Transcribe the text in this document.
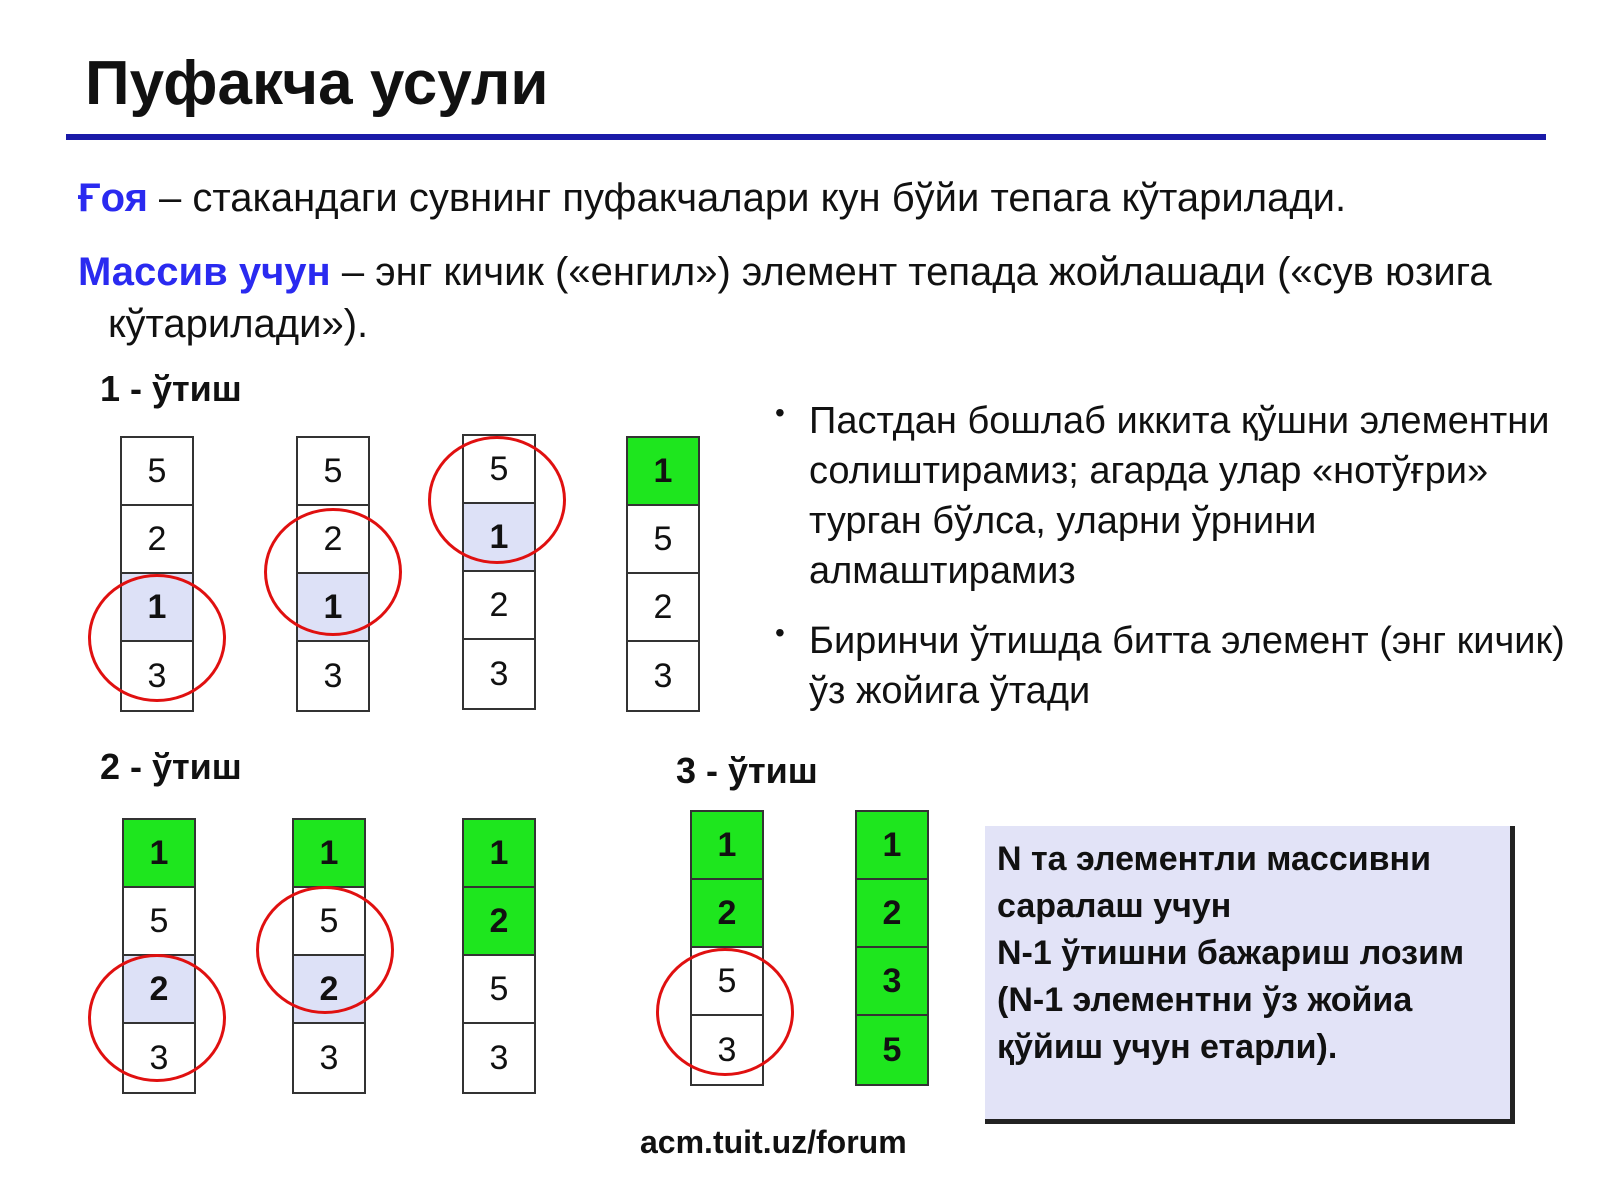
Пуфакча усули
Ғоя – стакандаги сувнинг пуфакчалари кун бўйи тепага кўтарилади.
Массив учун – энг кичик («енгил») элемент тепада жойлашади («сув юзига кўтарилади»).
1 - ўтиш
2 - ўтиш	3 - ўтиш
• Пастдан бошлаб иккита қўшни элементни солиштирамиз; агарда улар «нотўғри» турган бўлса, уларни ўрнини алмаштирамиз
• Биринчи ўтишда битта элемент (энг кичик) ўз жойига ўтади
5
2
1
3
5
2
1
3
5
1
2
3
1
5
2
3
1
5
2
3
1
5
2
3
1
2
5
3
1
2
5
3
1
2
3
5
N та элементли массивни саралаш учун
N-1 ўтишни бажариш лозим (N-1 элементни ўз жойиа қўйиш учун етарли).
acm.tuit.uz/forum
